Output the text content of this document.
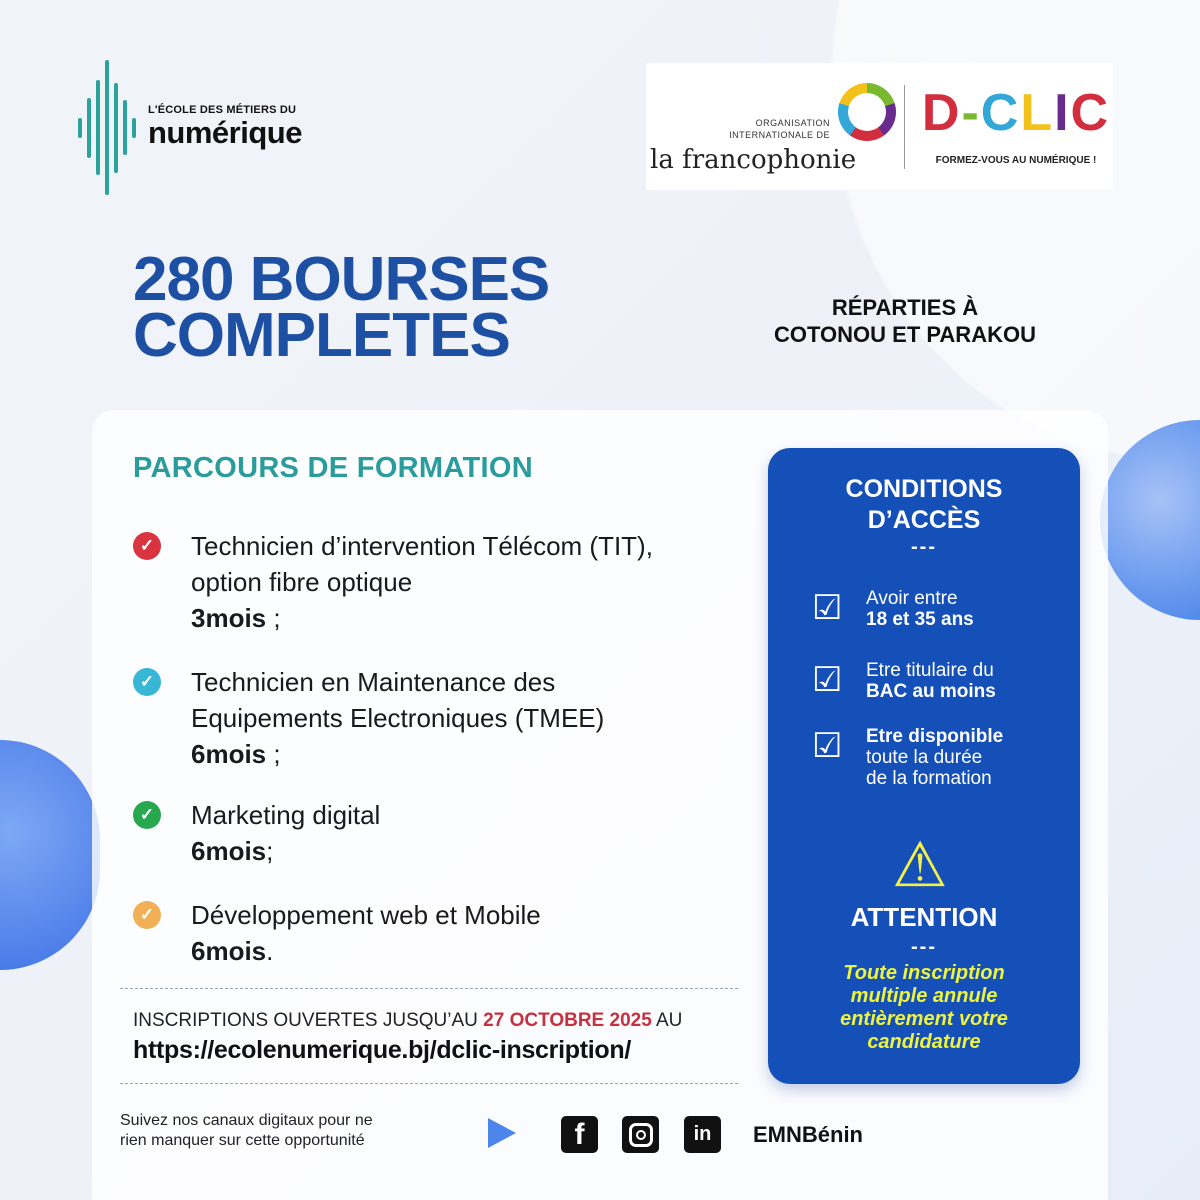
L'ÉCOLE DES MÉTIERS DU
numérique	ORGANISATION
INTERNATIONALE DE
la francophonie
D-CLIC
FORMEZ-VOUS AU NUMÉRIQUE !
280 BOURSES
COMPLETES	RÉPARTIES À
COTONOU ET PARAKOU
PARCOURS DE FORMATION
✓ Technicien d’intervention Télécom (TIT),
option fibre optique
3mois ;
✓ Technicien en Maintenance des
Equipements Electroniques (TMEE)
6mois ;
✓ Marketing digital
6mois;
✓ Développement web et Mobile
6mois.
INSCRIPTIONS OUVERTES JUSQU’AU 27 OCTOBRE 2025 AU
https://ecolenumerique.bj/dclic-inscription/
Suivez nos canaux digitaux pour ne
rien manquer sur cette opportunité	f	in	EMNBénin
CONDITIONS
D’ACCÈS
---
☑	Avoir entre
18 et 35 ans
☑	Etre titulaire du
BAC au moins
☑	Etre disponible
toute la durée
de la formation
⚠
ATTENTION
---
Toute inscription
multiple annule
entièrement votre
candidature
